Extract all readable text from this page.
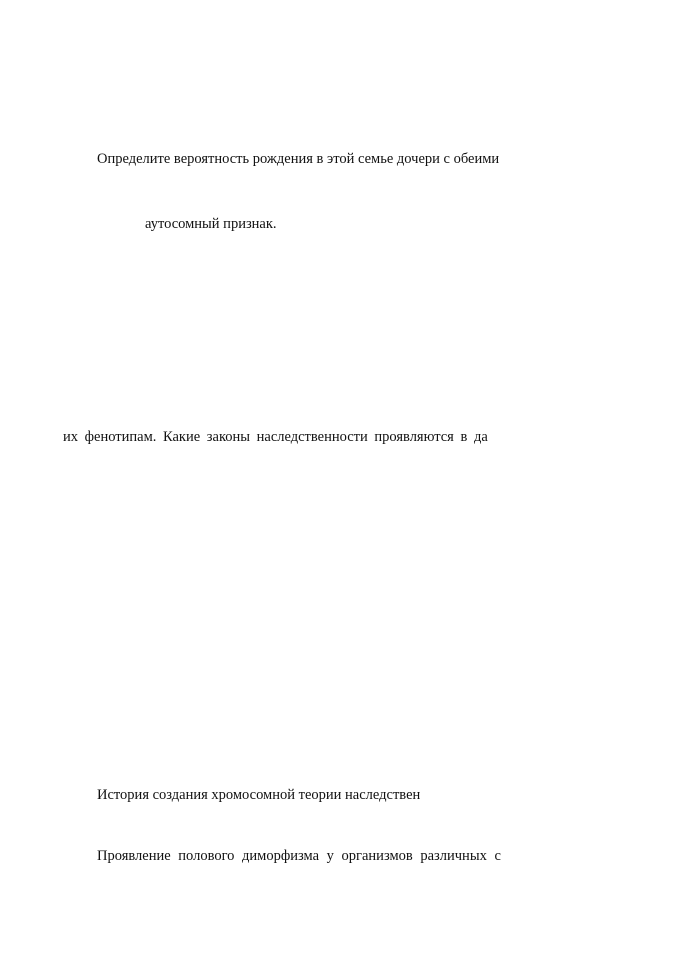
Определите вероятность рождения в этой семье дочери с обеими
аутосомный признак.
их фенотипам. Какие законы наследственности проявляются в да
История создания хромосомной теории наследствен
Проявление полового диморфизма у организмов различных с
